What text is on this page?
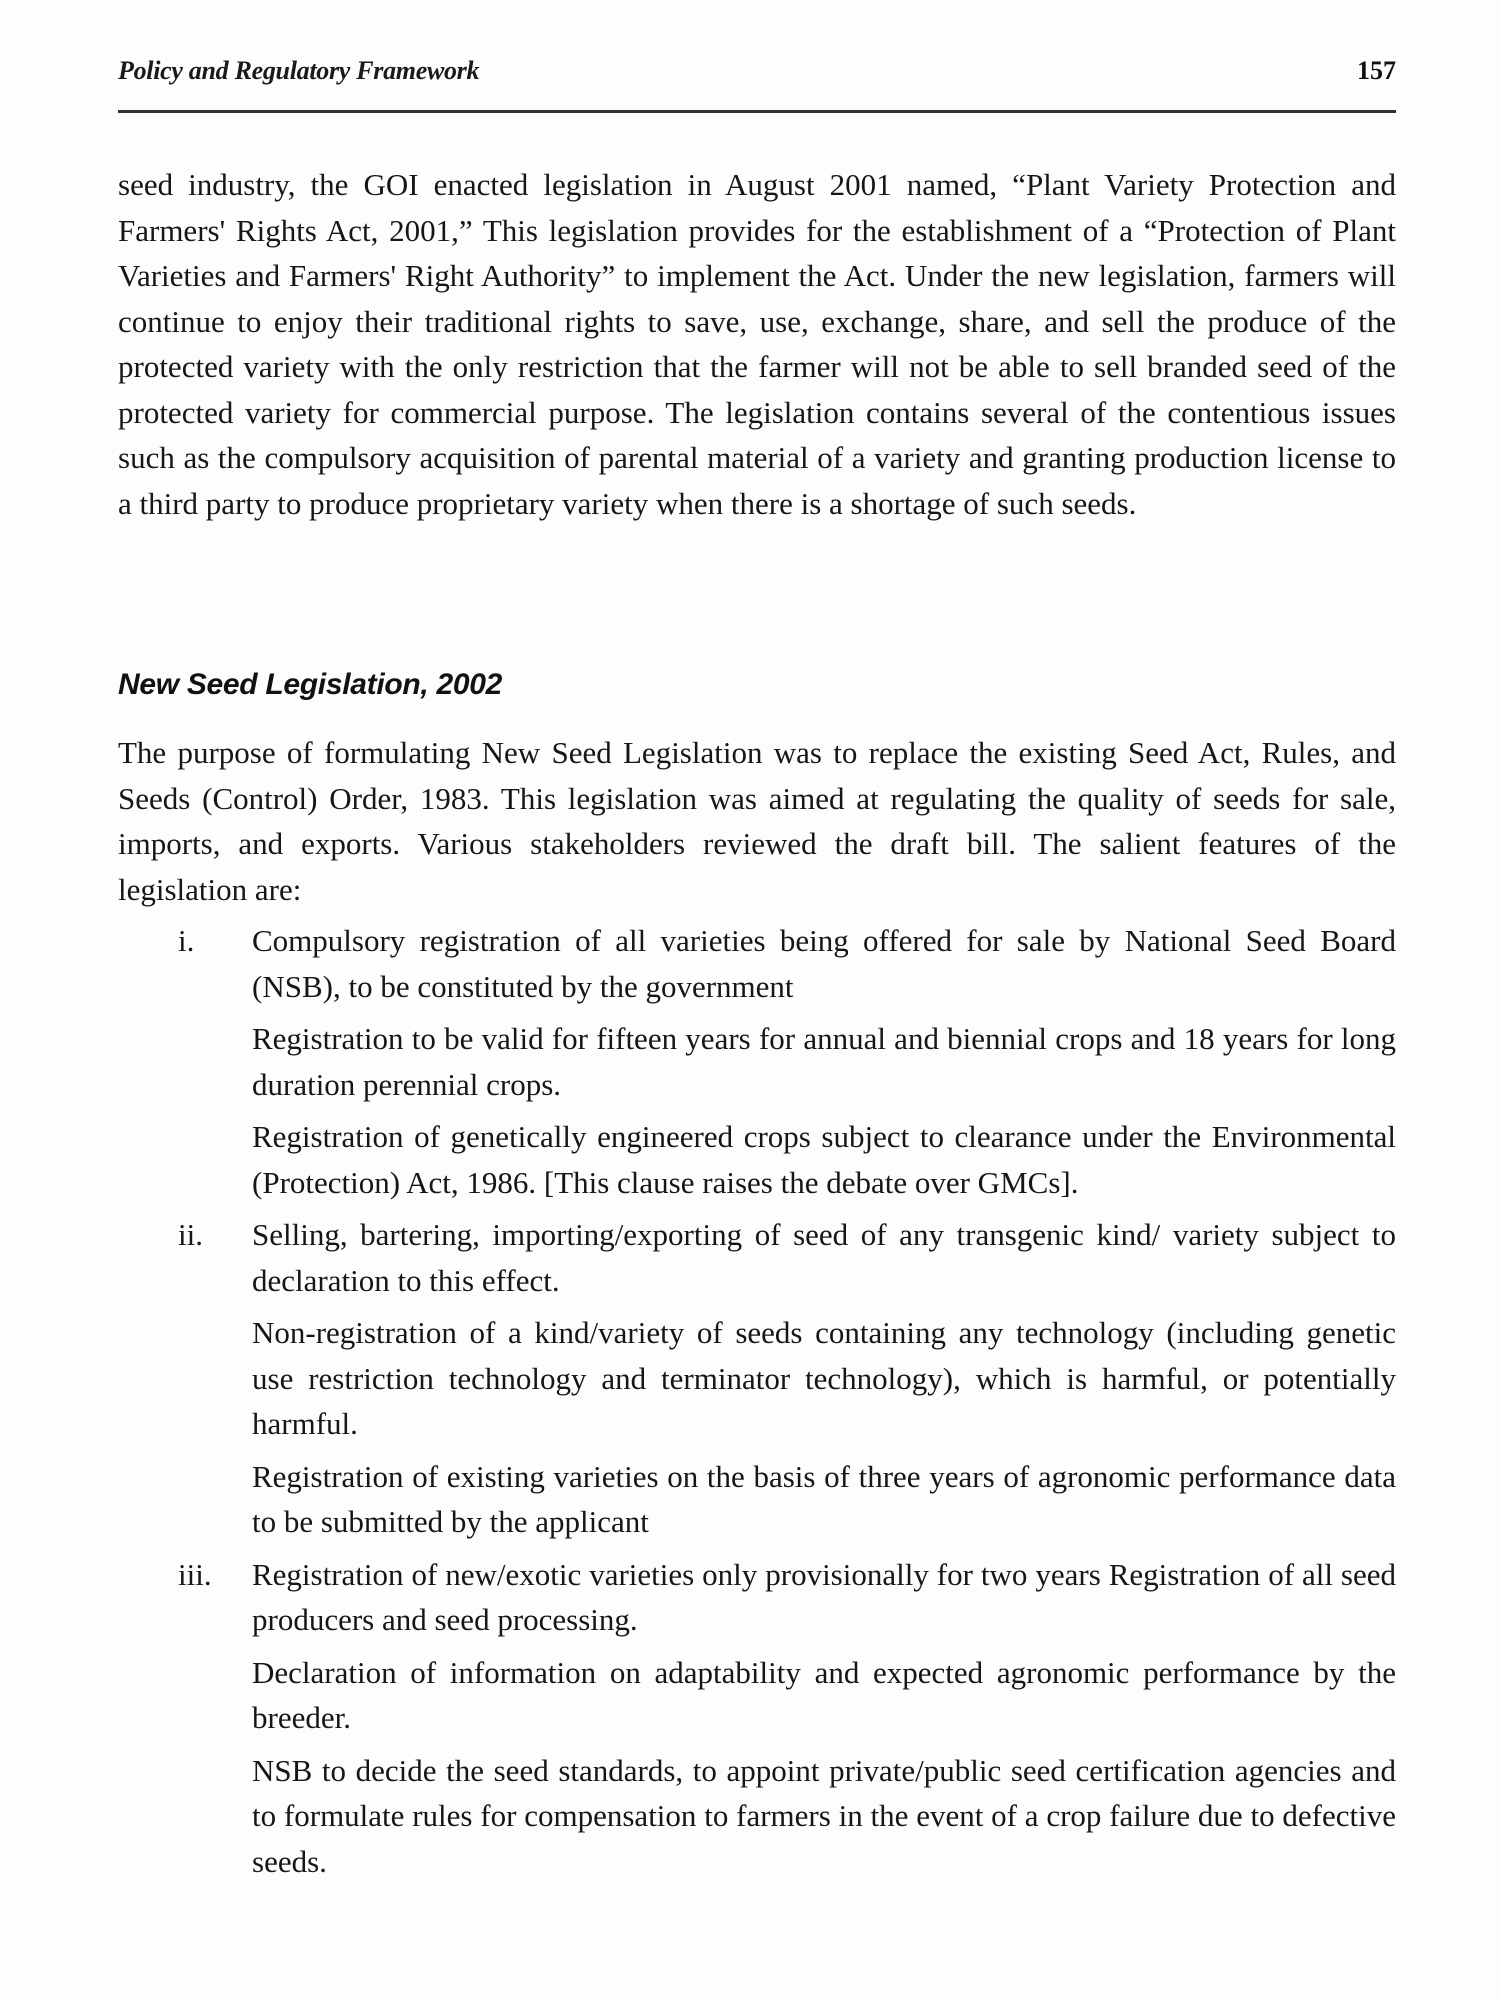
Policy and Regulatory Framework	157

seed industry, the GOI enacted legislation in August 2001 named, “Plant Variety Protection and Farmers' Rights Act, 2001,” This legislation provides for the establishment of a “Protection of Plant Varieties and Farmers' Right Authority” to implement the Act. Under the new legislation, farmers will continue to enjoy their traditional rights to save, use, exchange, share, and sell the produce of the protected variety with the only restriction that the farmer will not be able to sell branded seed of the protected variety for commercial purpose. The legislation contains several of the contentious issues such as the compulsory acquisition of parental material of a variety and granting production license to a third party to produce proprietary variety when there is a shortage of such seeds.

New Seed Legislation, 2002

The purpose of formulating New Seed Legislation was to replace the existing Seed Act, Rules, and Seeds (Control) Order, 1983. This legislation was aimed at regulating the quality of seeds for sale, imports, and exports. Various stakeholders reviewed the draft bill. The salient features of the legislation are:

i.	Compulsory registration of all varieties being offered for sale by National Seed Board (NSB), to be constituted by the government

Registration to be valid for fifteen years for annual and biennial crops and 18 years for long duration perennial crops.

Registration of genetically engineered crops subject to clearance under the Environmental (Protection) Act, 1986. [This clause raises the debate over GMCs].

ii.	Selling, bartering, importing/exporting of seed of any transgenic kind/ variety subject to declaration to this effect.

Non-registration of a kind/variety of seeds containing any technology (including genetic use restriction technology and terminator technology), which is harmful, or potentially harmful.

Registration of existing varieties on the basis of three years of agronomic performance data to be submitted by the applicant

iii.	Registration of new/exotic varieties only provisionally for two years Registration of all seed producers and seed processing.

Declaration of information on adaptability and expected agronomic performance by the breeder.

NSB to decide the seed standards, to appoint private/public seed certification agencies and to formulate rules for compensation to farmers in the event of a crop failure due to defective seeds.
